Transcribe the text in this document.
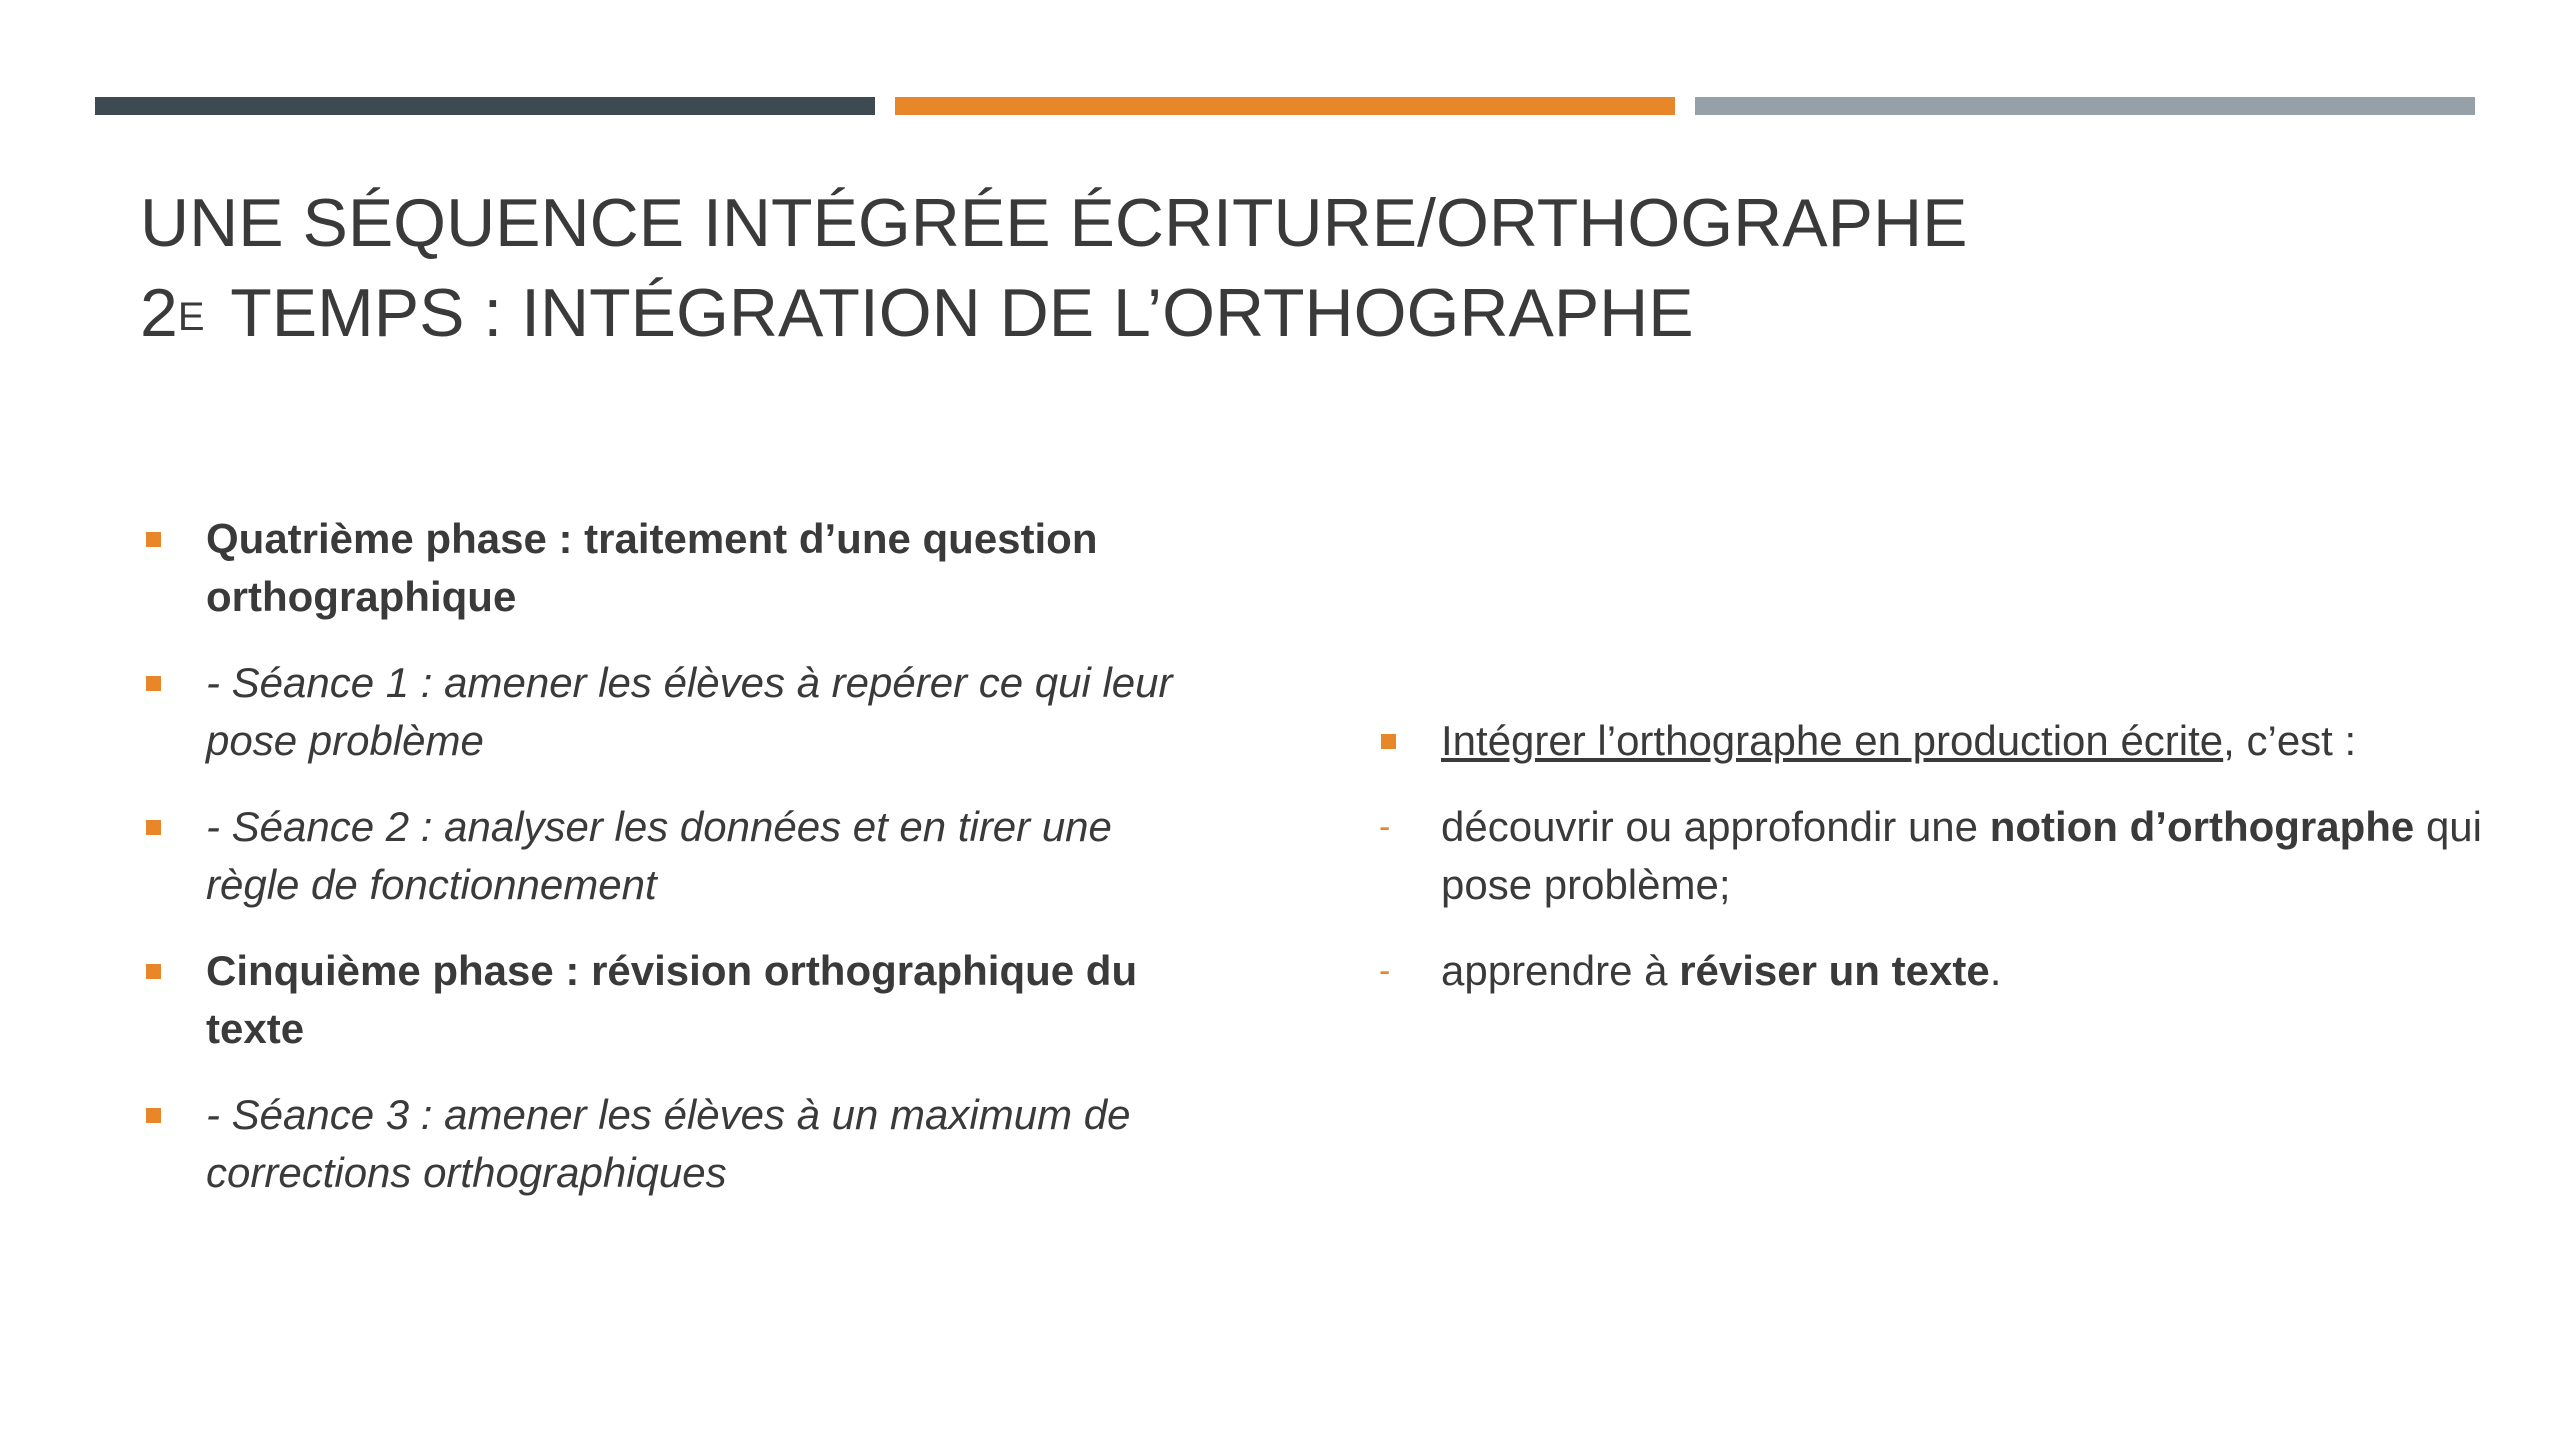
UNE SÉQUENCE INTÉGRÉE ÉCRITURE/ORTHOGRAPHE
$2^E$ TEMPS : INTÉGRATION DE L’ORTHOGRAPHE
Quatrième phase : traitement d’une question orthographique
- Séance 1 : amener les élèves à repérer ce qui leur pose problème
- Séance 2 : analyser les données et en tirer une règle de fonctionnement
Cinquième phase : révision orthographique du texte
- Séance 3 : amener les élèves à un maximum de corrections orthographiques
Intégrer l’orthographe en production écrite, c’est :
- découvrir ou approfondir une notion d’orthographe qui pose problème;
- apprendre à réviser un texte.
